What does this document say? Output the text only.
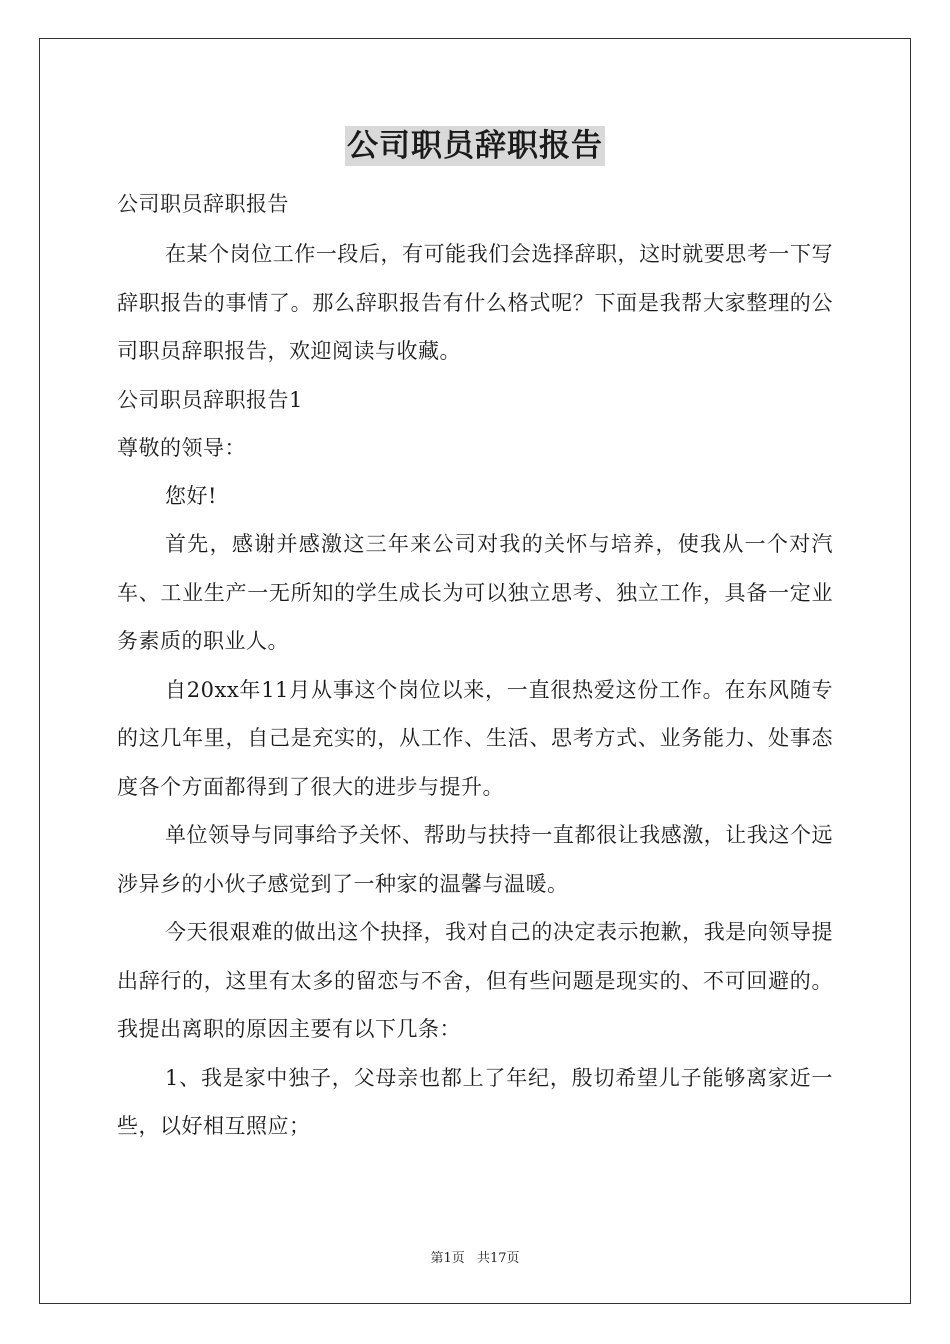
公司职员辞职报告
公司职员辞职报告

在某个岗位工作一段后，有可能我们会选择辞职，这时就要思考一下写辞职报告的事情了。那么辞职报告有什么格式呢？下面是我帮大家整理的公司职员辞职报告，欢迎阅读与收藏。

公司职员辞职报告1
尊敬的领导：

您好!

首先，感谢并感激这三年来公司对我的关怀与培养，使我从一个对汽车、工业生产一无所知的学生成长为可以独立思考、独立工作，具备一定业务素质的职业人。

自20xx年11月从事这个岗位以来，一直很热爱这份工作。在东风随专的这几年里，自己是充实的，从工作、生活、思考方式、业务能力、处事态度各个方面都得到了很大的进步与提升。

单位领导与同事给予关怀、帮助与扶持一直都很让我感激，让我这个远涉异乡的小伙子感觉到了一种家的温馨与温暖。

今天很艰难的做出这个抉择，我对自己的决定表示抱歉，我是向领导提出辞行的，这里有太多的留恋与不舍，但有些问题是现实的、不可回避的。我提出离职的原因主要有以下几条：

1、我是家中独子，父母亲也都上了年纪，殷切希望儿子能够离家近一些，以好相互照应；

第1页 共17页
